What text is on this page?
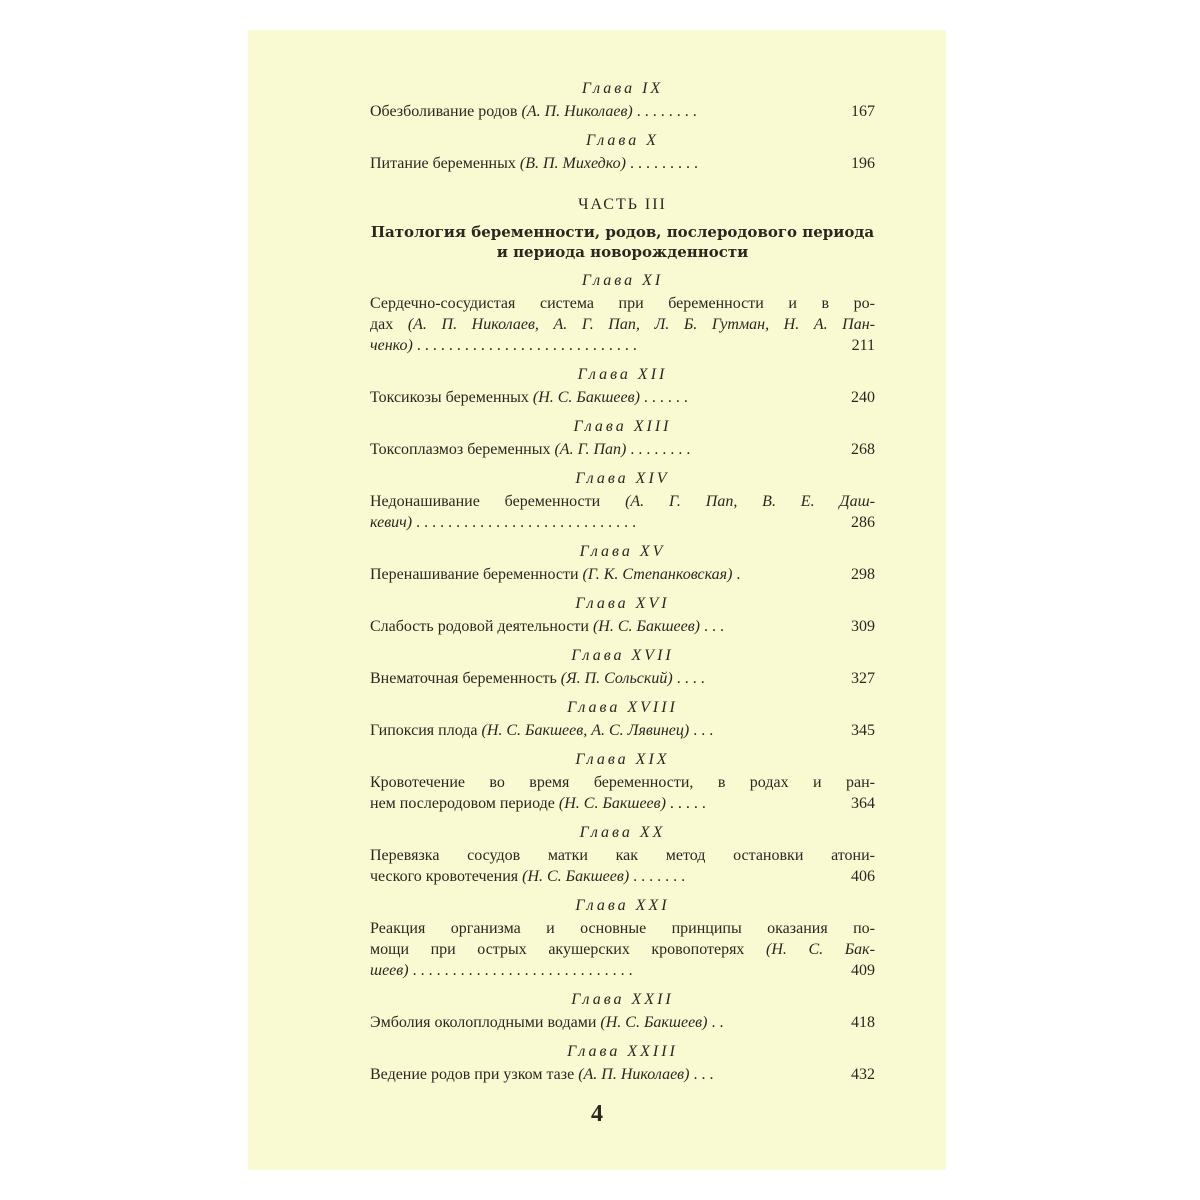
Глава IX
Обезболивание родов (А. П. Николаев) . . . . . . . .	167
Глава X
Питание беременных (В. П. Михедко) . . . . . . . . .	196
ЧАСТЬ III
Патология беременности, родов, послеродового периода
и периода новорожденности
Глава XI
Сердечно-сосудистая система при беременности и в ро-
дах (А. П. Николаев, А. Г. Пап, Л. Б. Гутман, Н. А. Пан-
ченко) . . . . . . . . . . . . . . . . . . . . . . . . . . . .	211
Глава XII
Токсикозы беременных (Н. С. Бакшеев) . . . . . .	240
Глава XIII
Токсоплазмоз беременных (А. Г. Пап) . . . . . . . .	268
Глава XIV
Недонашивание беременности (А. Г. Пап, В. Е. Даш-
кевич) . . . . . . . . . . . . . . . . . . . . . . . . . . . .	286
Глава XV
Перенашивание беременности (Г. К. Степанковская) .	298
Глава XVI
Слабость родовой деятельности (Н. С. Бакшеев) . . .	309
Глава XVII
Внематочная беременность (Я. П. Сольский) . . . .	327
Глава XVIII
Гипоксия плода (Н. С. Бакшеев, А. С. Лявинец) . . .	345
Глава XIX
Кровотечение во время беременности, в родах и ран-
нем послеродовом периоде (Н. С. Бакшеев) . . . . .	364
Глава XX
Перевязка сосудов матки как метод остановки атони-
ческого кровотечения (Н. С. Бакшеев) . . . . . . .	406
Глава XXI
Реакция организма и основные принципы оказания по-
мощи при острых акушерских кровопотерях (Н. С. Бак-
шеев) . . . . . . . . . . . . . . . . . . . . . . . . . . . .	409
Глава XXII
Эмболия околоплодными водами (Н. С. Бакшеев) . .	418
Глава XXIII
Ведение родов при узком тазе (А. П. Николаев) . . .	432
4
